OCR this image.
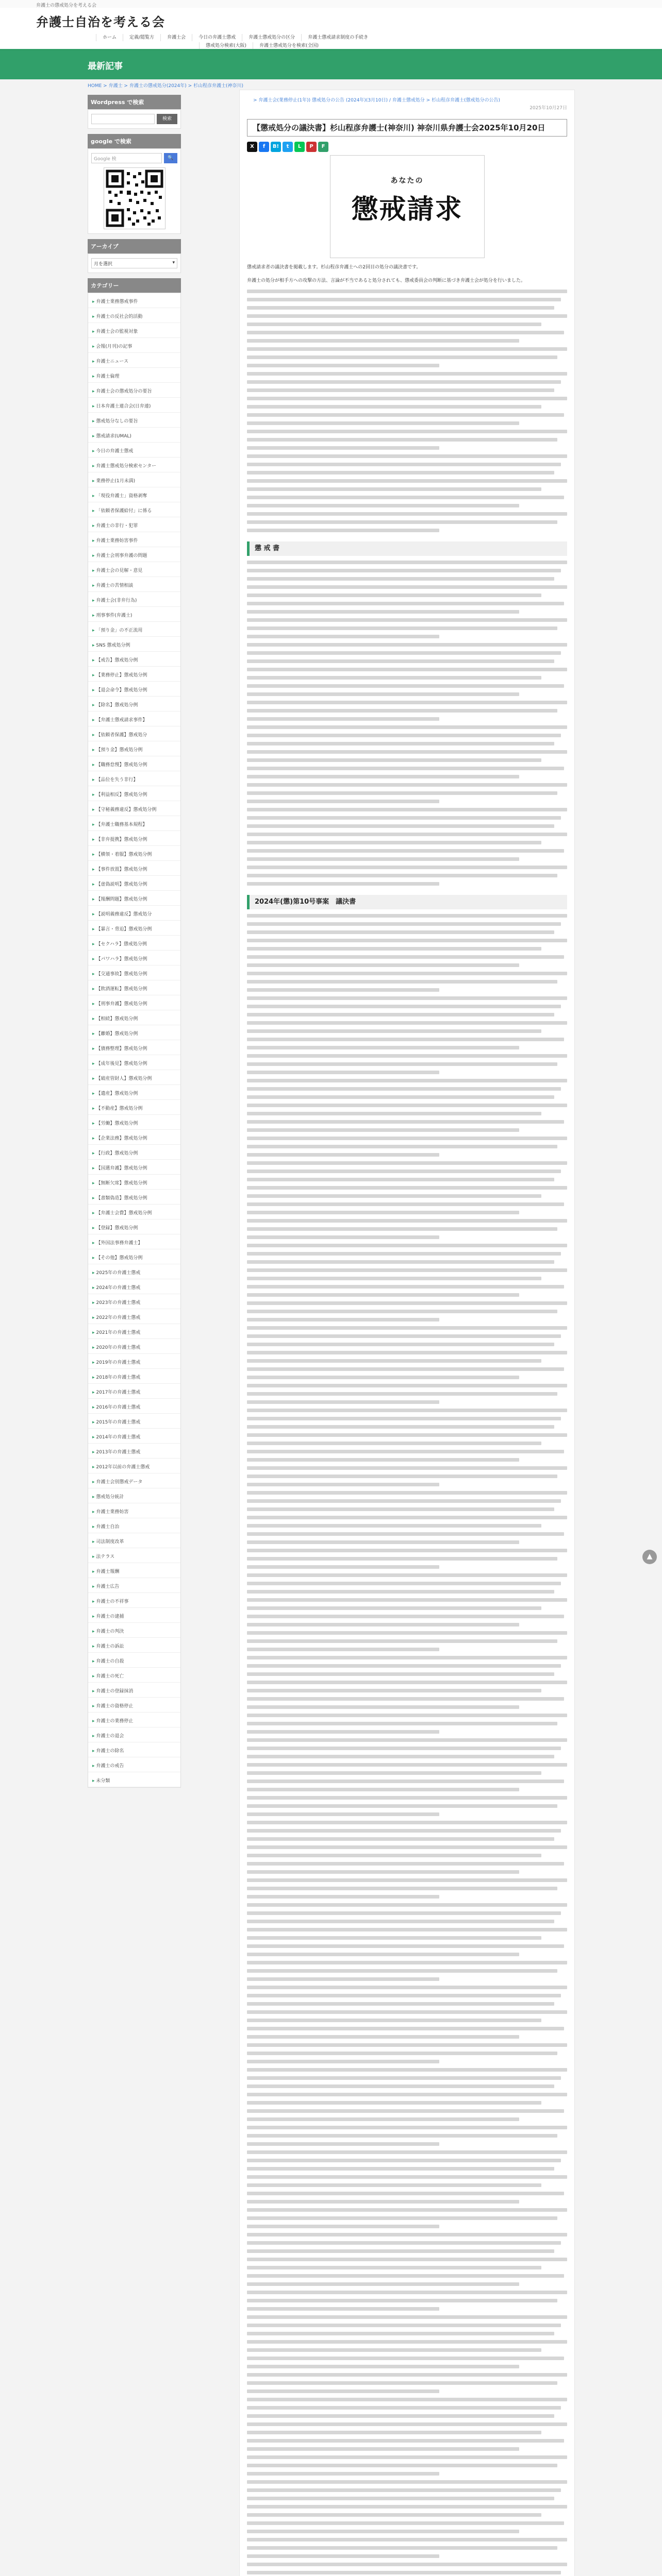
弁護士の懲戒処分を考える会
弁護士自治を考える会
ホーム	定義/閲覧方	弁護士会	今日の弁護士懲戒	弁護士懲戒処分の区分	弁護士懲戒請求制度の手続き
懲戒処分検索(大阪)	弁護士懲戒処分を検索(全国)
最新記事
HOME > 弁護士 > 弁護士の懲戒処分(2024年) > 杉山程彦弁護士(神奈川)
Wordpress で検索
検索
google で検索
Google 検	🔍
アーカイブ
月を選択	▾
カテゴリー
▸ 弁護士業務懲戒事件
▸ 弁護士の反社会的活動
▸ 弁護士会の監視対象
▸ 会報(月刊)の記事
▸ 弁護士ニュース
▸ 弁護士倫理
▸ 弁護士会の懲戒処分の要旨
▸ 日本弁護士連合会(日弁連)
▸ 懲戒処分なしの要旨
▸ 懲戒請求(UMAL)
▸ 今日の弁護士懲戒
▸ 弁護士懲戒処分検索センター
▸ 業務停止(1月未満)
▸ 「現役弁護士」資格剥奪
▸ 「依頼者保護給付」に係る
▸ 弁護士の非行・犯罪
▸ 弁護士業務妨害事件
▸ 弁護士会刑事弁護の問題
▸ 弁護士会の見解・意見
▸ 弁護士の苦情相談
▸ 弁護士会(非弁行為)
▸ 刑事事件(弁護士)
▸ 「預り金」の不正流用
▸ SNS 懲戒処分例
▸ 【戒告】懲戒処分例
▸ 【業務停止】懲戒処分例
▸ 【退会命令】懲戒処分例
▸ 【除名】懲戒処分例
▸ 【弁護士懲戒請求事件】
▸ 【依頼者保護】懲戒処分
▸ 【預り金】懲戒処分例
▸ 【職務怠慢】懲戒処分例
▸ 【品位を失う非行】
▸ 【利益相反】懲戒処分例
▸ 【守秘義務違反】懲戒処分例
▸ 【弁護士職務基本規程】
▸ 【非弁提携】懲戒処分例
▸ 【横領・着服】懲戒処分例
▸ 【事件放置】懲戒処分例
▸ 【虚偽説明】懲戒処分例
▸ 【報酬問題】懲戒処分例
▸ 【説明義務違反】懲戒処分
▸ 【暴言・脅迫】懲戒処分例
▸ 【セクハラ】懲戒処分例
▸ 【パワハラ】懲戒処分例
▸ 【交通事故】懲戒処分例
▸ 【飲酒運転】懲戒処分例
▸ 【刑事弁護】懲戒処分例
▸ 【相続】懲戒処分例
▸ 【離婚】懲戒処分例
▸ 【債務整理】懲戒処分例
▸ 【成年後見】懲戒処分例
▸ 【破産管財人】懲戒処分例
▸ 【遺産】懲戒処分例
▸ 【不動産】懲戒処分例
▸ 【労働】懲戒処分例
▸ 【企業法務】懲戒処分例
▸ 【行政】懲戒処分例
▸ 【国選弁護】懲戒処分例
▸ 【無断欠席】懲戒処分例
▸ 【書類偽造】懲戒処分例
▸ 【弁護士会費】懲戒処分例
▸ 【登録】懲戒処分例
▸ 【外国法事務弁護士】
▸ 【その他】懲戒処分例
▸ 2025年の弁護士懲戒
▸ 2024年の弁護士懲戒
▸ 2023年の弁護士懲戒
▸ 2022年の弁護士懲戒
▸ 2021年の弁護士懲戒
▸ 2020年の弁護士懲戒
▸ 2019年の弁護士懲戒
▸ 2018年の弁護士懲戒
▸ 2017年の弁護士懲戒
▸ 2016年の弁護士懲戒
▸ 2015年の弁護士懲戒
▸ 2014年の弁護士懲戒
▸ 2013年の弁護士懲戒
▸ 2012年以前の弁護士懲戒
▸ 弁護士会別懲戒データ
▸ 懲戒処分統計
▸ 弁護士業務妨害
▸ 弁護士自治
▸ 司法制度改革
▸ 法テラス
▸ 弁護士報酬
▸ 弁護士広告
▸ 弁護士の不祥事
▸ 弁護士の逮捕
▸ 弁護士の判決
▸ 弁護士の訴訟
▸ 弁護士の自殺
▸ 弁護士の死亡
▸ 弁護士の登録抹消
▸ 弁護士の資格停止
▸ 弁護士の業務停止
▸ 弁護士の退会
▸ 弁護士の除名
▸ 弁護士の戒告
▸ 未分類
> 弁護士会(業務停止(1年)) 懲戒処分の公告 (2024年)(3月10日) / 弁護士懲戒処分 > 杉山程彦弁護士(懲戒処分の公告)
2025年10月27日
【懲戒処分の議決書】杉山程彦弁護士(神奈川) 神奈川県弁護士会2025年10月20日
X	f	B!	t	L	P	F
あなたの
懲戒請求
懲戒請求者の議決書を掲載します。杉山程彦弁護士への2回目の処分の議決書です。
弁護士の処分が相手方への攻撃の方法、言論が不当であると処分されても、懲戒委員会の判断に基づき弁護士会が処分を行いました。
懲 戒 書
2024年(懲)第10号事案　議決書
▲
